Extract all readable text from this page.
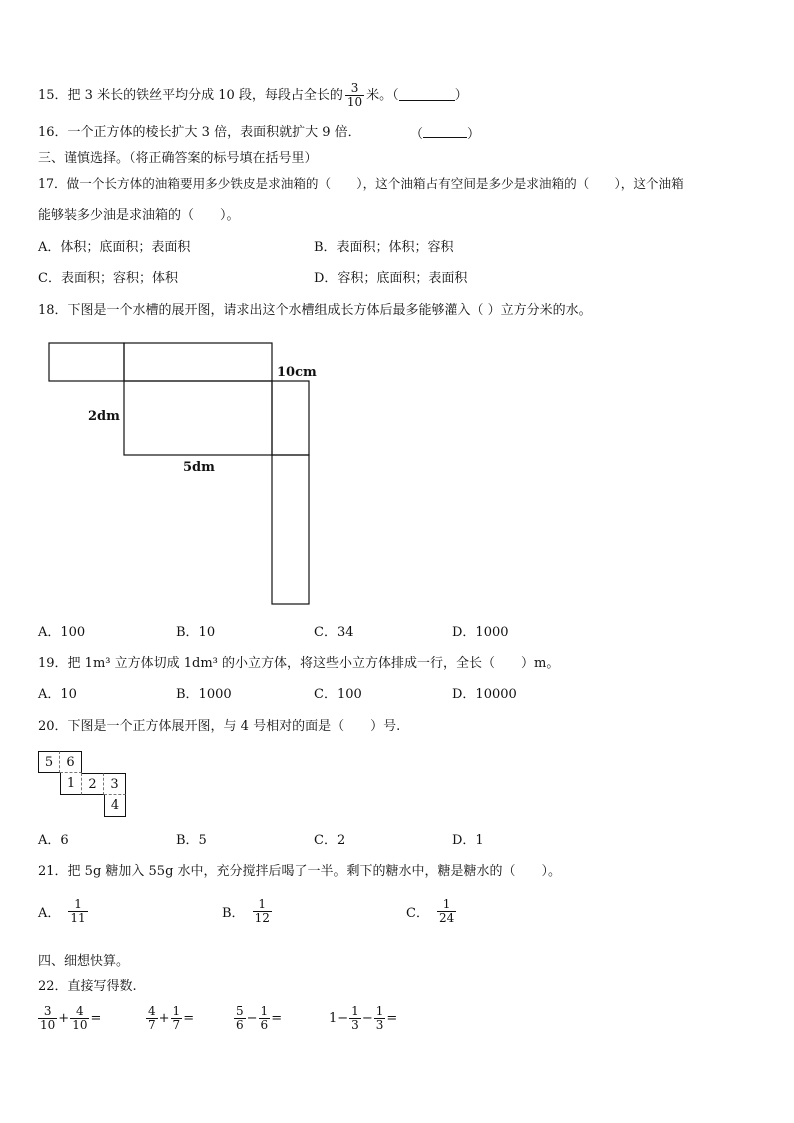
15． 把 3 米长的铁丝平均分成 10 段，每段占全长的 $\frac{3}{10}$ 米。（	）
16．一个正方体的棱长扩大 3 倍，表面积就扩大 9 倍．	（	）
三、谨慎选择。（将正确答案的标号填在括号里）
17．做一个长方体的油箱要用多少铁皮是求油箱的（　　），这个油箱占有空间是多少是求油箱的（　　），这个油箱
能够装多少油是求油箱的（　　）。
A．体积；底面积；表面积	B．表面积；体积；容积
C．表面积；容积；体积	D．容积；底面积；表面积
18．下图是一个水槽的展开图，请求出这个水槽组成长方体后最多能够灌入（ ）立方分米的水。
10cm
2dm
5dm
A．100	B．10	C．34	D．1000
19．把 1m³ 立方体切成 1dm³ 的小立方体，将这些小立方体排成一行，全长（　　）m。
A．10	B．1000	C．100	D．10000
20．下图是一个正方体展开图，与 4 号相对的面是（　　）号.
5	6
1	2	3
4
A．6	B．5	C．2	D．1
21．把 5g 糖加入 55g 水中，充分搅拌后喝了一半。剩下的糖水中，糖是糖水的（　　）。
A． $\frac{1}{11}$	B． $\frac{1}{12}$	C． $\frac{1}{24}$
四、细想快算。
22．直接写得数.
$\frac{3}{10} + \frac{4}{10}$ =	$\frac{4}{7} + \frac{1}{7}$ =	$\frac{5}{6} - \frac{1}{6}$ =	$1- \frac{1}{3} - \frac{1}{3}$ =
